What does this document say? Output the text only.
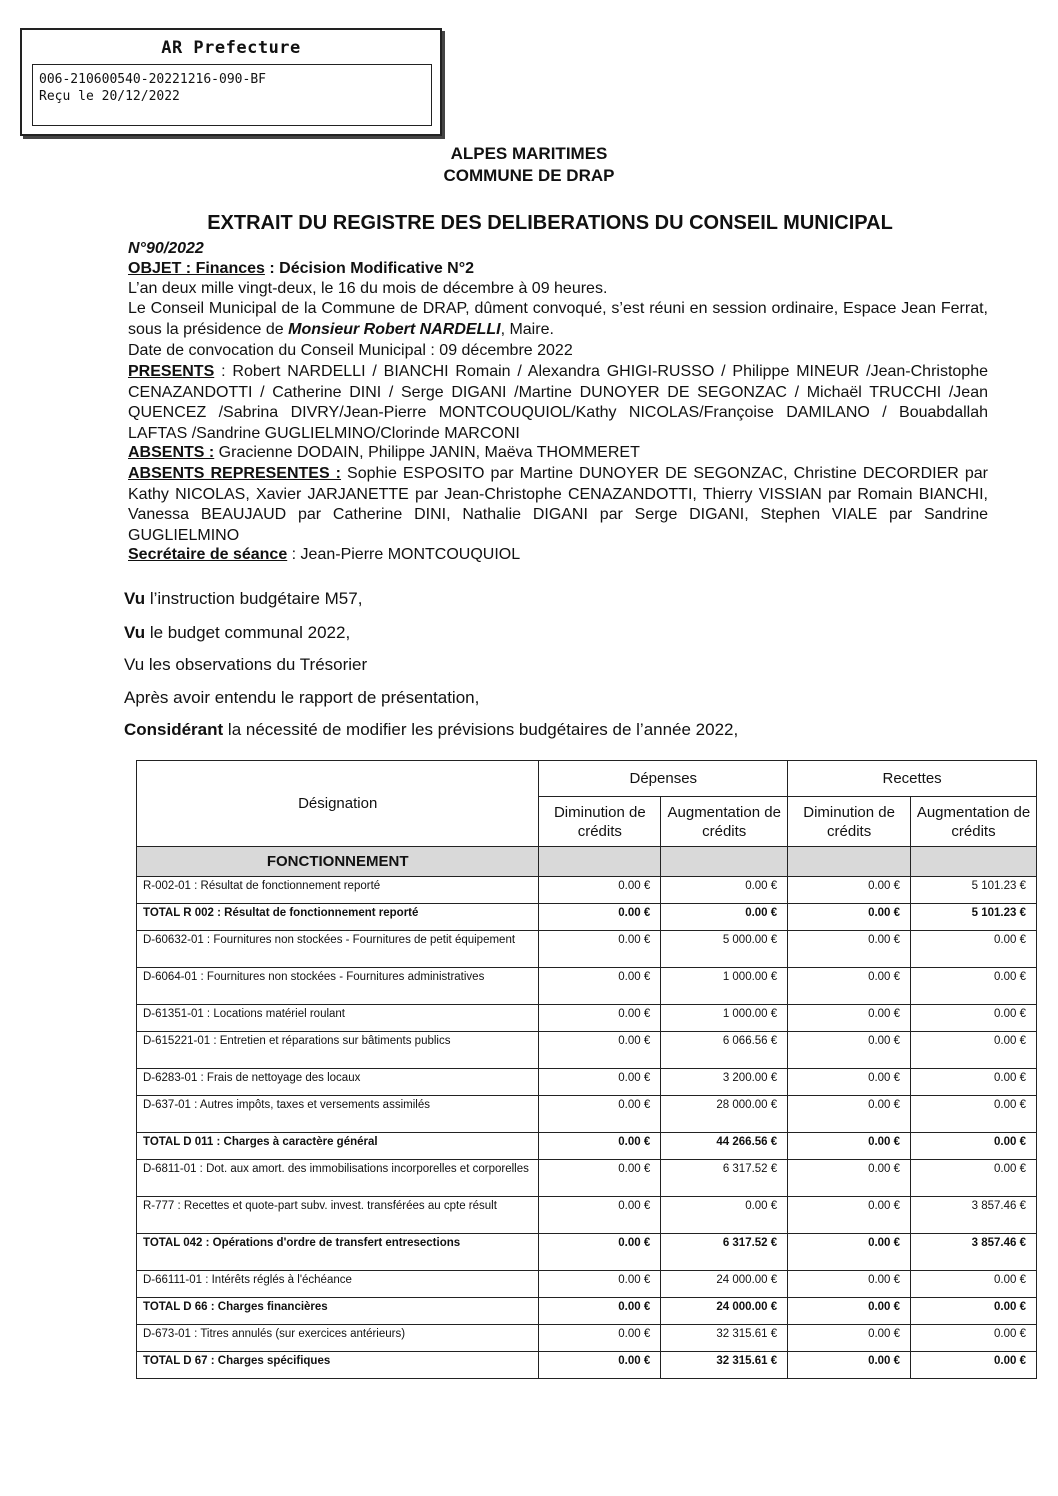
AR Prefecture
006-210600540-20221216-090-BF
Reçu le 20/12/2022
ALPES MARITIMES
COMMUNE DE DRAP
EXTRAIT DU REGISTRE DES DELIBERATIONS DU CONSEIL MUNICIPAL
N°90/2022
OBJET : Finances : Décision Modificative N°2
L’an deux mille vingt-deux, le 16 du mois de décembre à 09 heures.
Le Conseil Municipal de la Commune de DRAP, dûment convoqué, s’est réuni en session ordinaire, Espace Jean Ferrat, sous la présidence de Monsieur Robert NARDELLI, Maire.
Date de convocation du Conseil Municipal : 09 décembre 2022
PRESENTS : Robert NARDELLI / BIANCHI Romain / Alexandra GHIGI-RUSSO / Philippe MINEUR /Jean-Christophe CENAZANDOTTI / Catherine DINI / Serge DIGANI /Martine DUNOYER DE SEGONZAC / Michaël TRUCCHI /Jean QUENCEZ /Sabrina DIVRY/Jean-Pierre MONTCOUQUIOL/Kathy NICOLAS/Françoise DAMILANO / Bouabdallah LAFTAS /Sandrine GUGLIELMINO/Clorinde MARCONI
ABSENTS : Gracienne DODAIN, Philippe JANIN, Maëva THOMMERET
ABSENTS REPRESENTES : Sophie ESPOSITO par Martine DUNOYER DE SEGONZAC, Christine DECORDIER par Kathy NICOLAS, Xavier JARJANETTE par Jean-Christophe CENAZANDOTTI, Thierry VISSIAN par Romain BIANCHI, Vanessa BEAUJAUD par Catherine DINI, Nathalie DIGANI par Serge DIGANI, Stephen VIALE par Sandrine GUGLIELMINO
Secrétaire de séance : Jean-Pierre MONTCOUQUIOL
Vu l’instruction budgétaire M57,
Vu le budget communal 2022,
Vu les observations du Trésorier
Après avoir entendu le rapport de présentation,
Considérant la nécessité de modifier les prévisions budgétaires de l’année 2022,
Désignation	Dépenses		Recettes	
	Diminution de crédits	Augmentation de crédits	Diminution de crédits	Augmentation de crédits
FONCTIONNEMENT				
R-002-01 : Résultat de fonctionnement reporté	0.00 €	0.00 €	0.00 €	5 101.23 €
TOTAL R 002 : Résultat de fonctionnement reporté	0.00 €	0.00 €	0.00 €	5 101.23 €
D-60632-01 : Fournitures non stockées - Fournitures de petit équipement	0.00 €	5 000.00 €	0.00 €	0.00 €
D-6064-01 : Fournitures non stockées - Fournitures administratives	0.00 €	1 000.00 €	0.00 €	0.00 €
D-61351-01 : Locations matériel roulant	0.00 €	1 000.00 €	0.00 €	0.00 €
D-615221-01 : Entretien et réparations sur bâtiments publics	0.00 €	6 066.56 €	0.00 €	0.00 €
D-6283-01 : Frais de nettoyage des locaux	0.00 €	3 200.00 €	0.00 €	0.00 €
D-637-01 : Autres impôts, taxes et versements assimilés	0.00 €	28 000.00 €	0.00 €	0.00 €
TOTAL D 011 : Charges à caractère général	0.00 €	44 266.56 €	0.00 €	0.00 €
D-6811-01 : Dot. aux amort. des immobilisations incorporelles et corporelles	0.00 €	6 317.52 €	0.00 €	0.00 €
R-777 : Recettes et quote-part subv. invest. transférées au cpte résult	0.00 €	0.00 €	0.00 €	3 857.46 €
TOTAL 042 : Opérations d'ordre de transfert entresections	0.00 €	6 317.52 €	0.00 €	3 857.46 €
D-66111-01 : Intérêts réglés à l'échéance	0.00 €	24 000.00 €	0.00 €	0.00 €
TOTAL D 66 : Charges financières	0.00 €	24 000.00 €	0.00 €	0.00 €
D-673-01 : Titres annulés (sur exercices antérieurs)	0.00 €	32 315.61 €	0.00 €	0.00 €
TOTAL D 67 : Charges spécifiques	0.00 €	32 315.61 €	0.00 €	0.00 €
